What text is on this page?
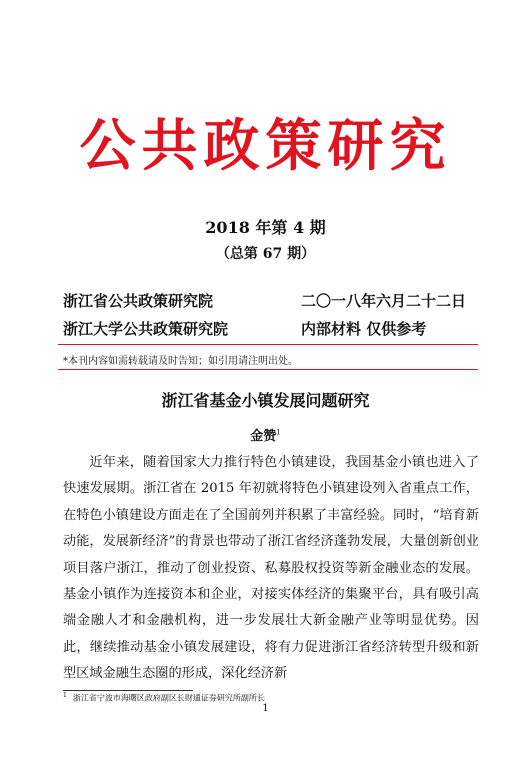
公共政策研究
2018 年第 4 期
（总第 67 期）
浙江省公共政策研究院	二〇一八年六月二十二日
浙江大学公共政策研究院	内部材料 仅供参考
*本刊内容如需转载请及时告知；如引用请注明出处。
浙江省基金小镇发展问题研究
金赞$^1$
近年来，随着国家大力推行特色小镇建设，我国基金小镇也进入了快速发展期。浙江省在 2015 年初就将特色小镇建设列入省重点工作，在特色小镇建设方面走在了全国前列并积累了丰富经验。同时，“培育新动能，发展新经济”的背景也带动了浙江省经济蓬勃发展，大量创新创业项目落户浙江，推动了创业投资、私募股权投资等新金融业态的发展。基金小镇作为连接资本和企业，对接实体经济的集聚平台，具有吸引高端金融人才和金融机构，进一步发展壮大新金融产业等明显优势。因此，继续推动基金小镇发展建设，将有力促进浙江省经济转型升级和新型区域金融生态圈的形成，深化经济新
$^1$ 浙江省宁波市海曙区政府副区长财通证券研究所副所长
1
